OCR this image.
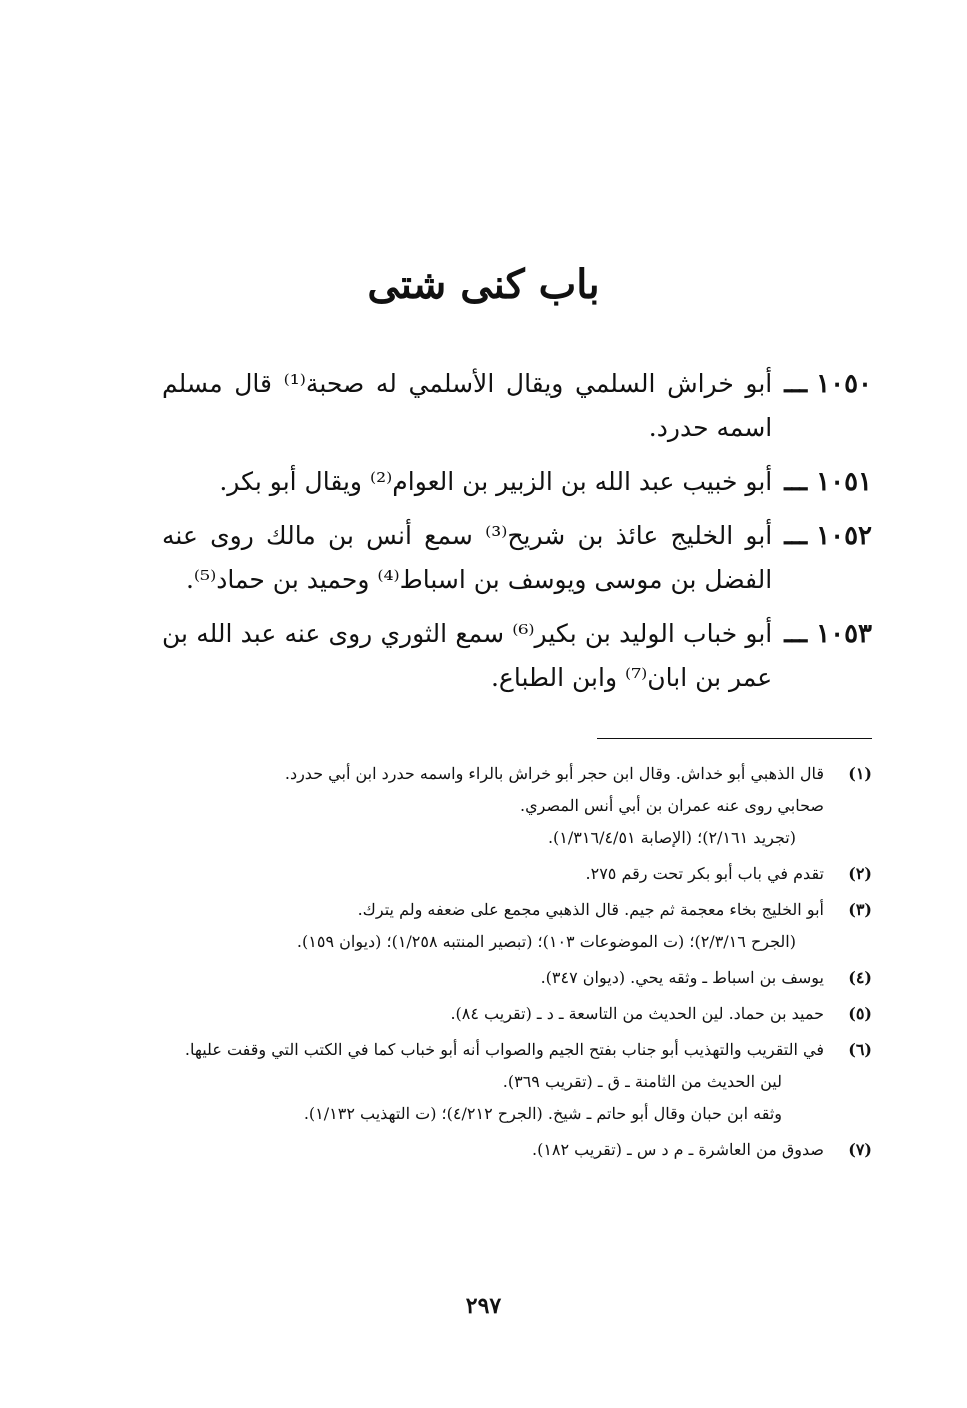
باب كنى شتى
١٠٥٠ ـــ
أبو خراش السلمي ويقال الأسلمي له صحبة⁽¹⁾ قال مسلم اسمه حدرد.
١٠٥١ ـــ
أبو خبيب عبد الله بن الزبير بن العوام⁽²⁾ ويقال أبو بكر.
١٠٥٢ ـــ
أبو الخليج عائذ بن شريح⁽³⁾ سمع أنس بن مالك روى عنه الفضل بن موسى ويوسف بن اسباط⁽⁴⁾ وحميد بن حماد⁽⁵⁾.
١٠٥٣ ـــ
أبو خباب الوليد بن بكير⁽⁶⁾ سمع الثوري روى عنه عبد الله بن عمر بن ابان⁽⁷⁾ وابن الطباع.
(١)
قال الذهبي أبو خداش. وقال ابن حجر أبو خراش بالراء واسمه حدرد ابن أبي حدرد.
صحابي روى عنه عمران بن أبي أنس المصري.
(تجريد ٢/١٦١)؛ (الإصابة ١/٣١٦/٤/٥١).
(٢)
تقدم في باب أبو بكر تحت رقم ٢٧٥.
(٣)
أبو الخليج بخاء معجمة ثم جيم. قال الذهبي مجمع على ضعفه ولم يترك.
(الجرح ٢/٣/١٦)؛ (ت الموضوعات ١٠٣)؛ (تبصير المنتبه ١/٢٥٨)؛ (ديوان ١٥٩).
(٤)
يوسف بن اسباط ـ وثقه يحي. (ديوان ٣٤٧).
(٥)
حميد بن حماد. لين الحديث من التاسعة ـ د ـ (تقريب ٨٤).
(٦)
في التقريب والتهذيب أبو جناب بفتح الجيم والصواب أنه أبو خباب كما في الكتب التي وقفت عليها.
لين الحديث من الثامنة ـ ق ـ (تقريب ٣٦٩).
وثقه ابن حبان وقال أبو حاتم ـ شيخ. (الجرح ٤/٢١٢)؛ (ت التهذيب ١/١٣٢).
(٧)
صدوق من العاشرة ـ م د س ـ (تقريب ١٨٢).
٢٩٧
